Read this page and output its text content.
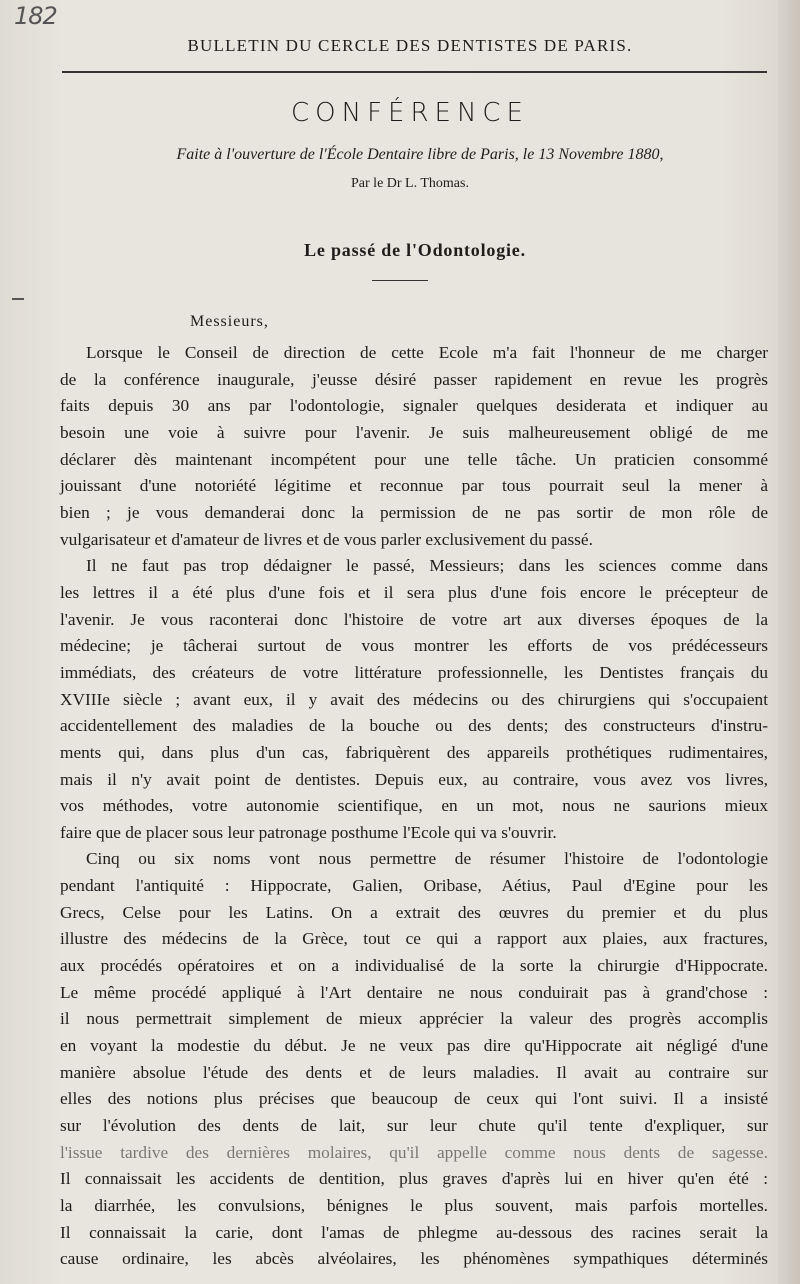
182
BULLETIN DU CERCLE DES DENTISTES DE PARIS.
CONFÉRENCE
Faite à l'ouverture de l'École Dentaire libre de Paris, le 13 Novembre 1880,
Par le Dr L. Thomas.
Le passé de l'Odontologie.
Messieurs,
Lorsque le Conseil de direction de cette Ecole m'a fait l'honneur de me charger
de la conférence inaugurale, j'eusse désiré passer rapidement en revue les progrès
faits depuis 30 ans par l'odontologie, signaler quelques desiderata et indiquer au
besoin une voie à suivre pour l'avenir. Je suis malheureusement obligé de me
déclarer dès maintenant incompétent pour une telle tâche. Un praticien consommé
jouissant d'une notoriété légitime et reconnue par tous pourrait seul la mener à
bien ; je vous demanderai donc la permission de ne pas sortir de mon rôle de
vulgarisateur et d'amateur de livres et de vous parler exclusivement du passé.
Il ne faut pas trop dédaigner le passé, Messieurs; dans les sciences comme dans
les lettres il a été plus d'une fois et il sera plus d'une fois encore le précepteur de
l'avenir. Je vous raconterai donc l'histoire de votre art aux diverses époques de la
médecine; je tâcherai surtout de vous montrer les efforts de vos prédécesseurs
immédiats, des créateurs de votre littérature professionnelle, les Dentistes français du
XVIIIe siècle ; avant eux, il y avait des médecins ou des chirurgiens qui s'occupaient
accidentellement des maladies de la bouche ou des dents; des constructeurs d'instru-
ments qui, dans plus d'un cas, fabriquèrent des appareils prothétiques rudimentaires,
mais il n'y avait point de dentistes. Depuis eux, au contraire, vous avez vos livres,
vos méthodes, votre autonomie scientifique, en un mot, nous ne saurions mieux
faire que de placer sous leur patronage posthume l'Ecole qui va s'ouvrir.
Cinq ou six noms vont nous permettre de résumer l'histoire de l'odontologie
pendant l'antiquité : Hippocrate, Galien, Oribase, Aétius, Paul d'Egine pour les
Grecs, Celse pour les Latins. On a extrait des œuvres du premier et du plus
illustre des médecins de la Grèce, tout ce qui a rapport aux plaies, aux fractures,
aux procédés opératoires et on a individualisé de la sorte la chirurgie d'Hippocrate.
Le même procédé appliqué à l'Art dentaire ne nous conduirait pas à grand'chose :
il nous permettrait simplement de mieux apprécier la valeur des progrès accomplis
en voyant la modestie du début. Je ne veux pas dire qu'Hippocrate ait négligé d'une
manière absolue l'étude des dents et de leurs maladies. Il avait au contraire sur
elles des notions plus précises que beaucoup de ceux qui l'ont suivi. Il a insisté
sur l'évolution des dents de lait, sur leur chute qu'il tente d'expliquer, sur
l'issue tardive des dernières molaires, qu'il appelle comme nous dents de sagesse.
Il connaissait les accidents de dentition, plus graves d'après lui en hiver qu'en été :
la diarrhée, les convulsions, bénignes le plus souvent, mais parfois mortelles.
Il connaissait la carie, dont l'amas de phlegme au-dessous des racines serait la
cause ordinaire, les abcès alvéolaires, les phénomènes sympathiques déterminés
